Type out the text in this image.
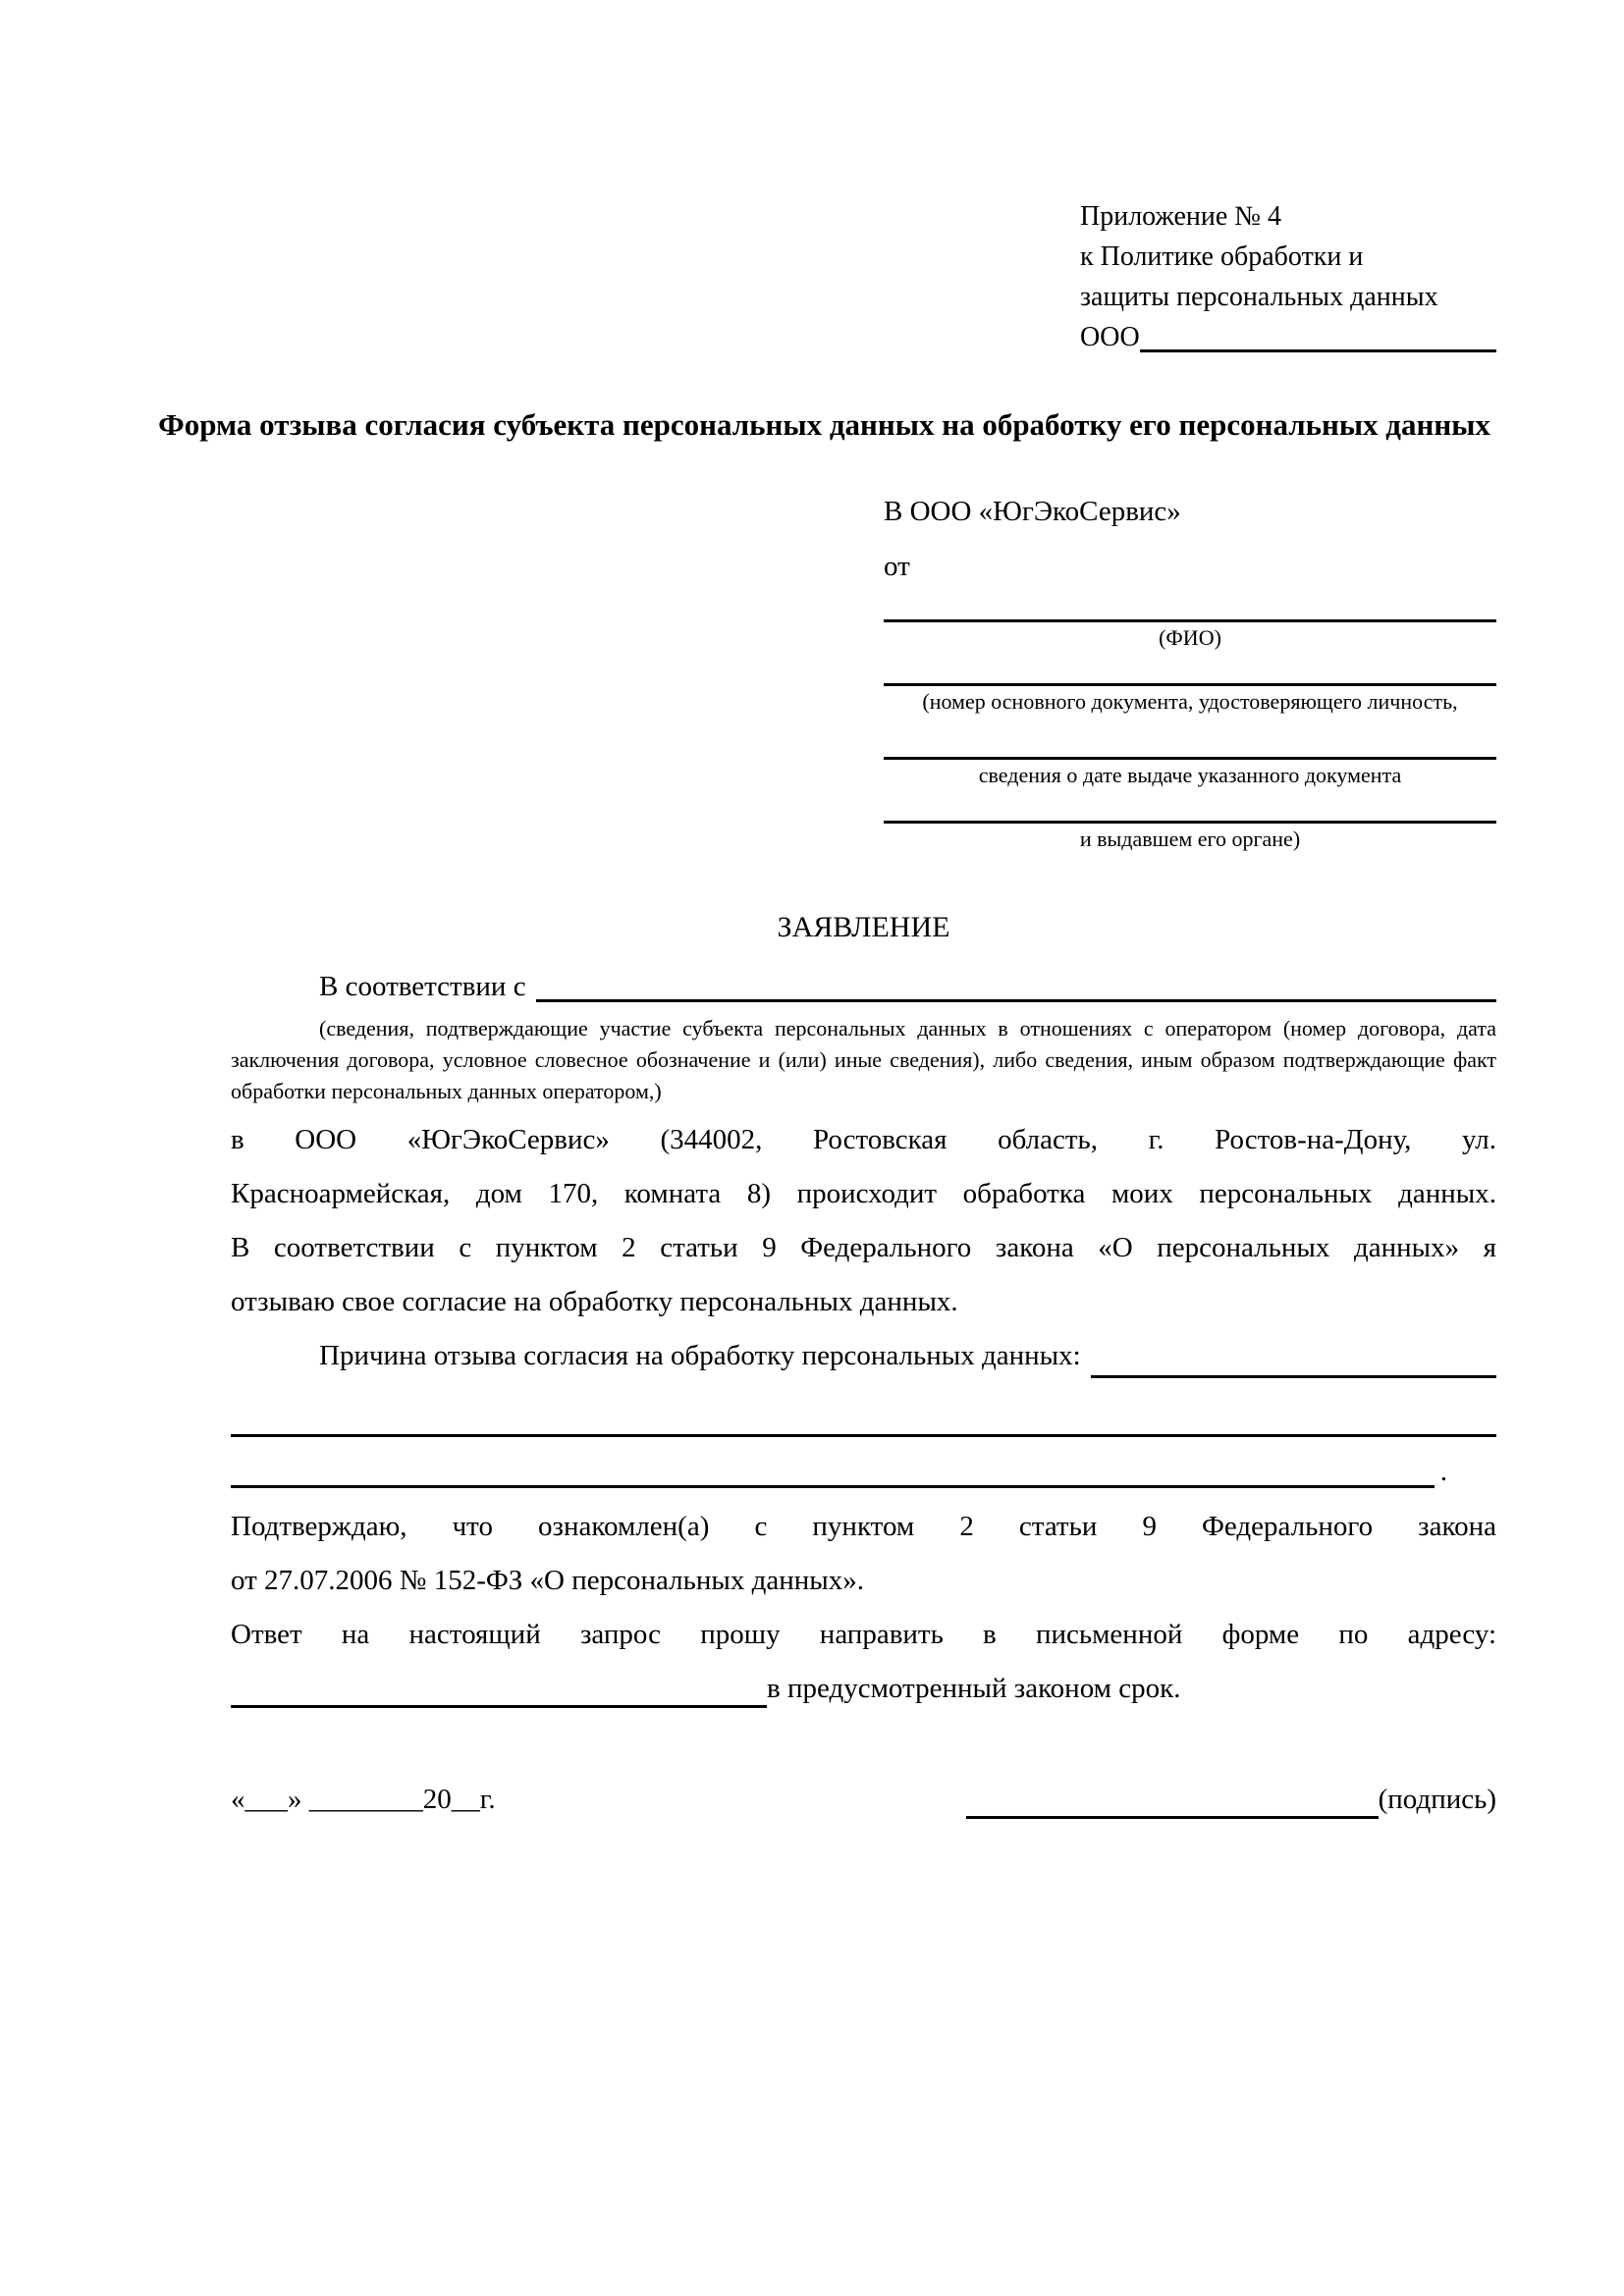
Приложение № 4
к Политике обработки и
защиты персональных данных
ООО
Форма отзыва согласия субъекта персональных данных на обработку его персональных данных
В ООО «ЮгЭкоСервис»
от
(ФИО)
(номер основного документа, удостоверяющего личность,
сведения о дате выдаче указанного документа
и выдавшем его органе)
ЗАЯВЛЕНИЕ
В соответствии с
(сведения, подтверждающие участие субъекта персональных данных в отношениях с оператором (номер договора, дата
заключения договора, условное словесное обозначение и (или) иные сведения), либо сведения, иным образом подтверждающие факт
обработки персональных данных оператором,)
в ООО «ЮгЭкоСервис» (344002, Ростовская область, г. Ростов-на-Дону, ул.
Красноармейская, дом 170, комната 8) происходит обработка моих персональных данных.
В соответствии с пунктом 2 статьи 9 Федерального закона «О персональных данных» я
отзываю свое согласие на обработку персональных данных.
Причина отзыва согласия на обработку персональных данных:
.
Подтверждаю, что ознакомлен(а) с пунктом 2 статьи 9 Федерального закона
от 27.07.2006 № 152-ФЗ «О персональных данных».
Ответ на настоящий запрос прошу направить в письменной форме по адресу:
в предусмотренный законом срок.
«___» ________20__г.	(подпись)
